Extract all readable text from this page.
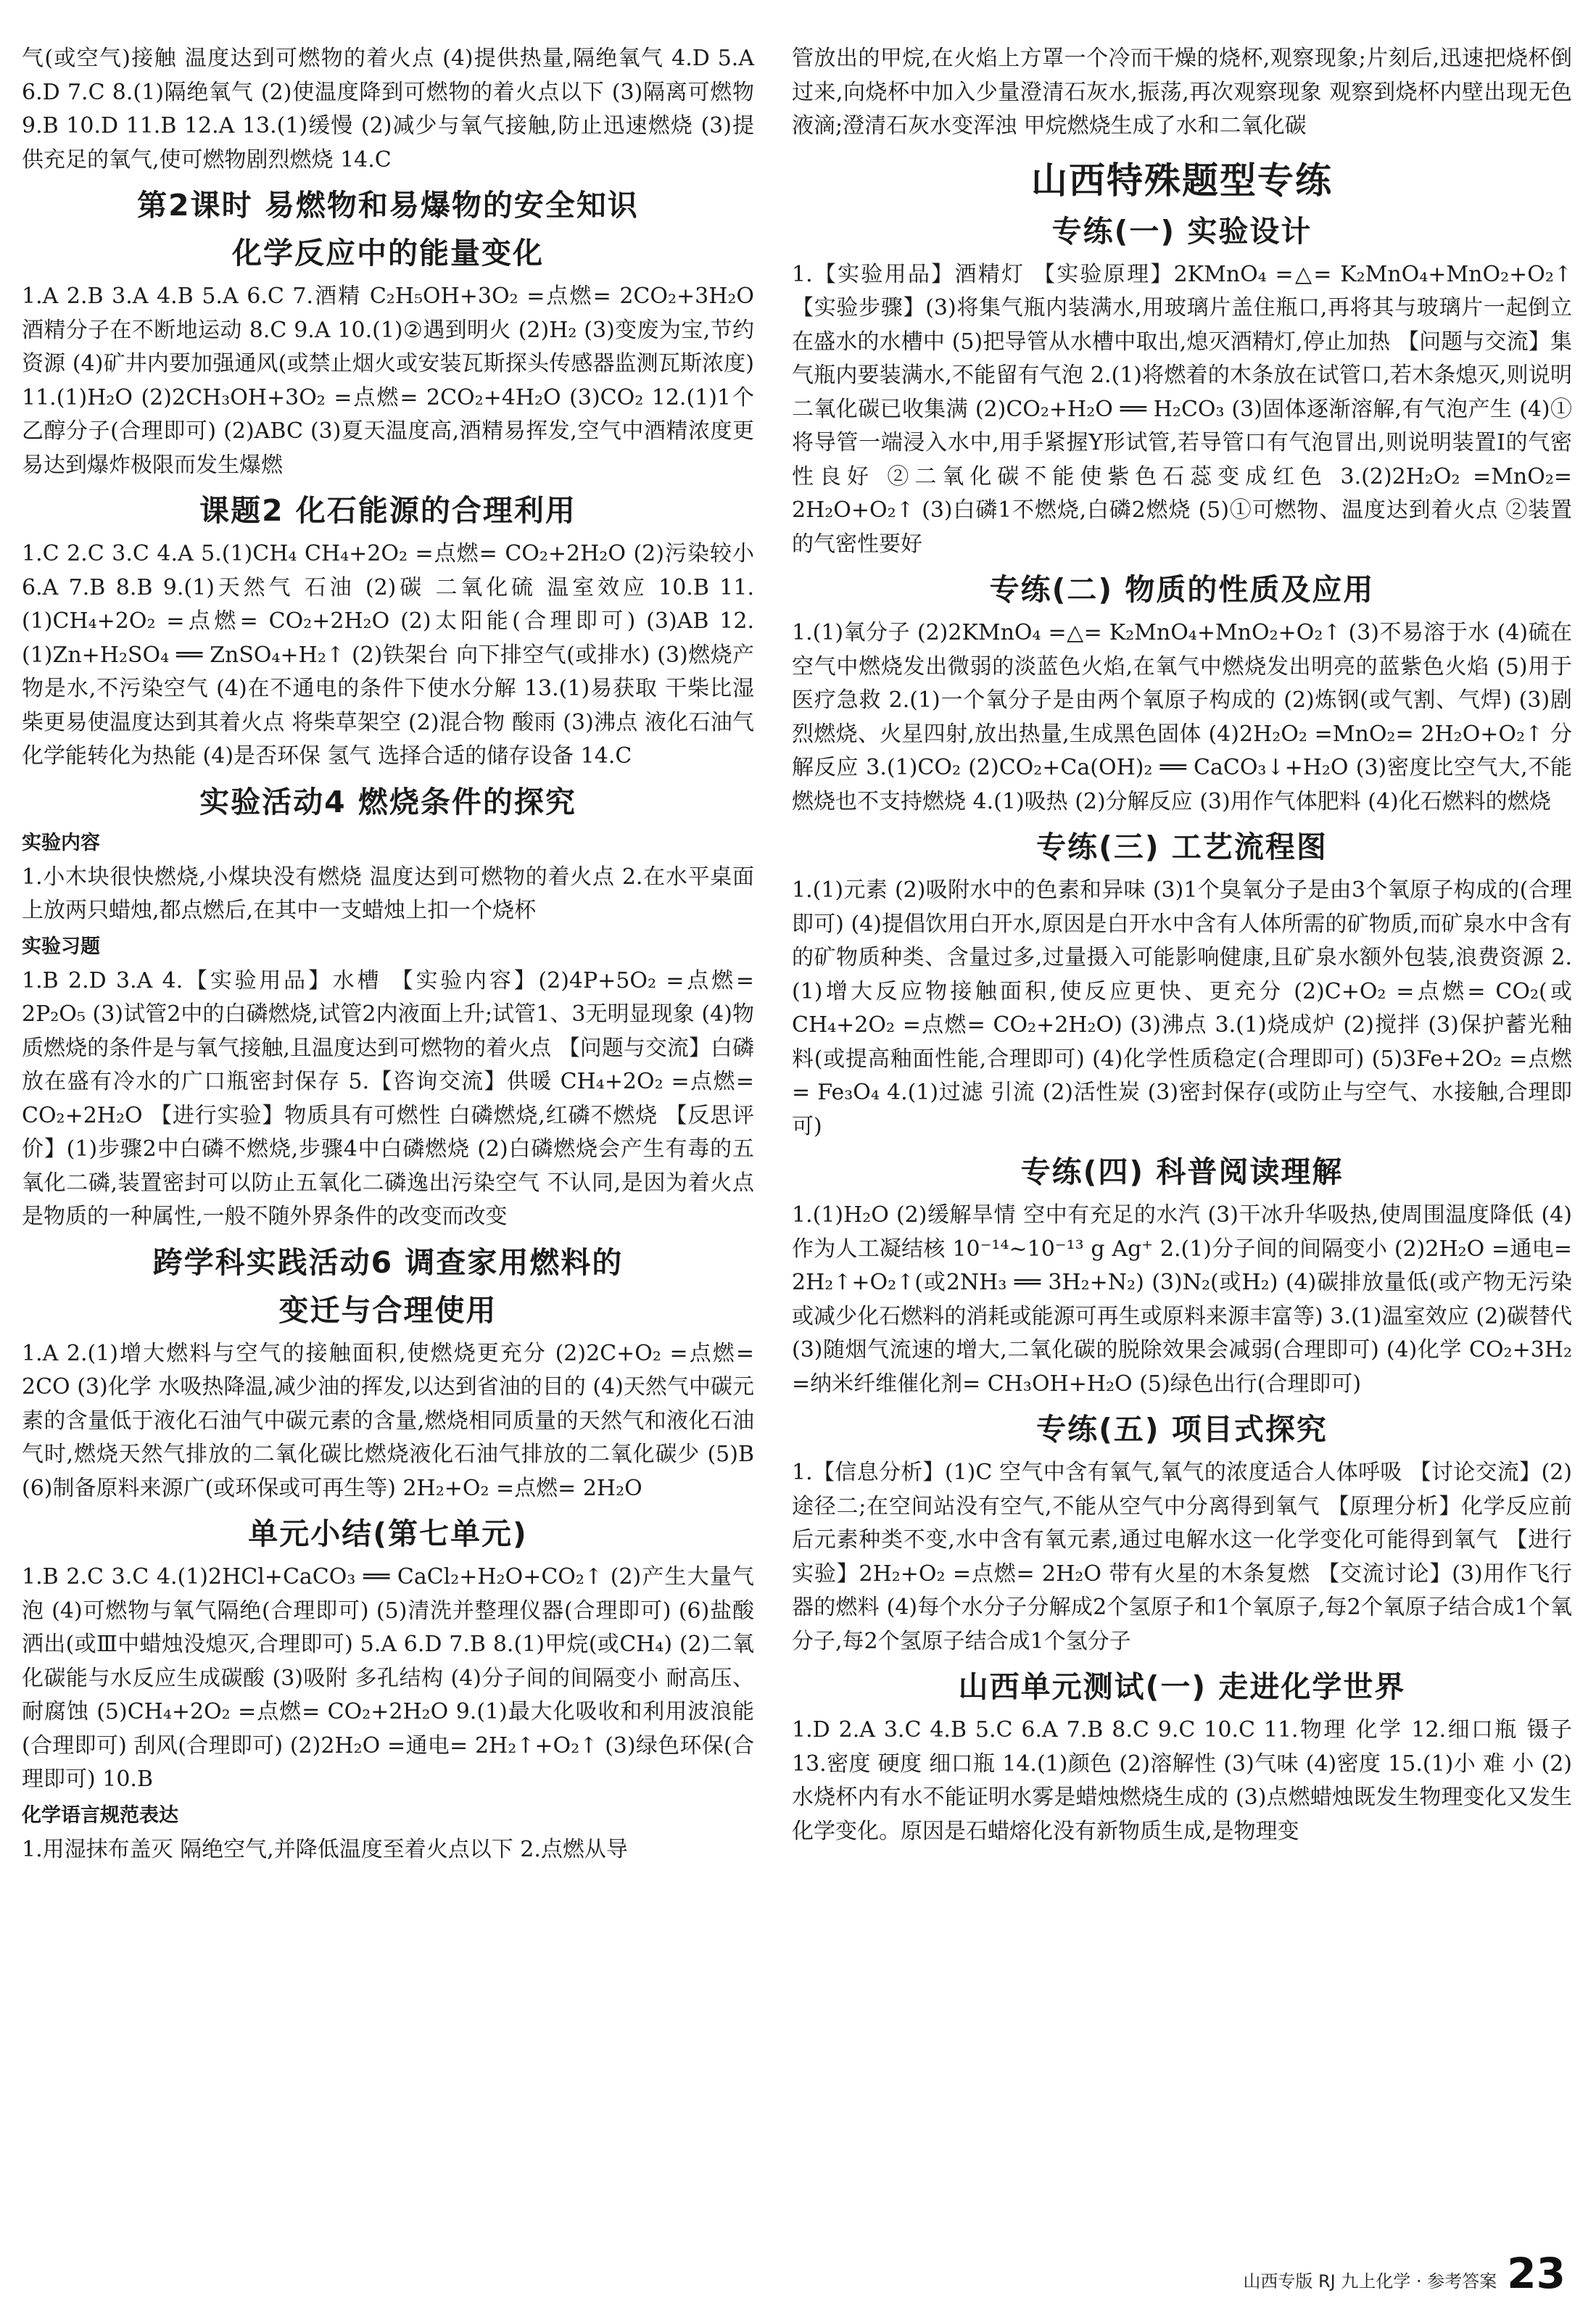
气(或空气)接触 温度达到可燃物的着火点 (4)提供热量,隔绝氧气 4.D 5.A 6.D 7.C 8.(1)隔绝氧气 (2)使温度降到可燃物的着火点以下 (3)隔离可燃物 9.B 10.D 11.B 12.A 13.(1)缓慢 (2)减少与氧气接触,防止迅速燃烧 (3)提供充足的氧气,使可燃物剧烈燃烧 14.C

第2课时 易燃物和易爆物的安全知识
化学反应中的能量变化

1.A 2.B 3.A 4.B 5.A 6.C 7.酒精 C₂H₅OH+3O₂ =点燃= 2CO₂+3H₂O 酒精分子在不断地运动 8.C 9.A 10.(1)②遇到明火 (2)H₂ (3)变废为宝,节约资源 (4)矿井内要加强通风(或禁止烟火或安装瓦斯探头传感器监测瓦斯浓度) 11.(1)H₂O (2)2CH₃OH+3O₂ =点燃= 2CO₂+4H₂O (3)CO₂ 12.(1)1个乙醇分子(合理即可) (2)ABC (3)夏天温度高,酒精易挥发,空气中酒精浓度更易达到爆炸极限而发生爆燃

课题2 化石能源的合理利用

1.C 2.C 3.C 4.A 5.(1)CH₄ CH₄+2O₂ =点燃= CO₂+2H₂O (2)污染较小 6.A 7.B 8.B 9.(1)天然气 石油 (2)碳 二氧化硫 温室效应 10.B 11.(1)CH₄+2O₂ =点燃= CO₂+2H₂O (2)太阳能(合理即可) (3)AB 12.(1)Zn+H₂SO₄ ══ ZnSO₄+H₂↑ (2)铁架台 向下排空气(或排水) (3)燃烧产物是水,不污染空气 (4)在不通电的条件下使水分解 13.(1)易获取 干柴比湿柴更易使温度达到其着火点 将柴草架空 (2)混合物 酸雨 (3)沸点 液化石油气 化学能转化为热能 (4)是否环保 氢气 选择合适的储存设备 14.C

实验活动4 燃烧条件的探究
实验内容

1.小木块很快燃烧,小煤块没有燃烧 温度达到可燃物的着火点 2.在水平桌面上放两只蜡烛,都点燃后,在其中一支蜡烛上扣一个烧杯

实验习题

1.B 2.D 3.A 4.【实验用品】水槽 【实验内容】(2)4P+5O₂ =点燃= 2P₂O₅ (3)试管2中的白磷燃烧,试管2内液面上升;试管1、3无明显现象 (4)物质燃烧的条件是与氧气接触,且温度达到可燃物的着火点 【问题与交流】白磷放在盛有冷水的广口瓶密封保存 5.【咨询交流】供暖 CH₄+2O₂ =点燃= CO₂+2H₂O 【进行实验】物质具有可燃性 白磷燃烧,红磷不燃烧 【反思评价】(1)步骤2中白磷不燃烧,步骤4中白磷燃烧 (2)白磷燃烧会产生有毒的五氧化二磷,装置密封可以防止五氧化二磷逸出污染空气 不认同,是因为着火点是物质的一种属性,一般不随外界条件的改变而改变

跨学科实践活动6 调查家用燃料的
变迁与合理使用

1.A 2.(1)增大燃料与空气的接触面积,使燃烧更充分 (2)2C+O₂ =点燃= 2CO (3)化学 水吸热降温,减少油的挥发,以达到省油的目的 (4)天然气中碳元素的含量低于液化石油气中碳元素的含量,燃烧相同质量的天然气和液化石油气时,燃烧天然气排放的二氧化碳比燃烧液化石油气排放的二氧化碳少 (5)B (6)制备原料来源广(或环保或可再生等) 2H₂+O₂ =点燃= 2H₂O

单元小结(第七单元)

1.B 2.C 3.C 4.(1)2HCl+CaCO₃ ══ CaCl₂+H₂O+CO₂↑ (2)产生大量气泡 (4)可燃物与氧气隔绝(合理即可) (5)清洗并整理仪器(合理即可) (6)盐酸洒出(或Ⅲ中蜡烛没熄灭,合理即可) 5.A 6.D 7.B 8.(1)甲烷(或CH₄) (2)二氧化碳能与水反应生成碳酸 (3)吸附 多孔结构 (4)分子间的间隔变小 耐高压、耐腐蚀 (5)CH₄+2O₂ =点燃= CO₂+2H₂O 9.(1)最大化吸收和利用波浪能(合理即可) 刮风(合理即可) (2)2H₂O =通电= 2H₂↑+O₂↑ (3)绿色环保(合理即可) 10.B

化学语言规范表达

1.用湿抹布盖灭 隔绝空气,并降低温度至着火点以下 2.点燃从导

管放出的甲烷,在火焰上方罩一个冷而干燥的烧杯,观察现象;片刻后,迅速把烧杯倒过来,向烧杯中加入少量澄清石灰水,振荡,再次观察现象 观察到烧杯内壁出现无色液滴;澄清石灰水变浑浊 甲烷燃烧生成了水和二氧化碳

山西特殊题型专练
专练(一) 实验设计

1.【实验用品】酒精灯 【实验原理】2KMnO₄ =△= K₂MnO₄+MnO₂+O₂↑ 【实验步骤】(3)将集气瓶内装满水,用玻璃片盖住瓶口,再将其与玻璃片一起倒立在盛水的水槽中 (5)把导管从水槽中取出,熄灭酒精灯,停止加热 【问题与交流】集气瓶内要装满水,不能留有气泡 2.(1)将燃着的木条放在试管口,若木条熄灭,则说明二氧化碳已收集满 (2)CO₂+H₂O ══ H₂CO₃ (3)固体逐渐溶解,有气泡产生 (4)①将导管一端浸入水中,用手紧握Y形试管,若导管口有气泡冒出,则说明装置Ⅰ的气密性良好 ②二氧化碳不能使紫色石蕊变成红色 3.(2)2H₂O₂ =MnO₂= 2H₂O+O₂↑ (3)白磷1不燃烧,白磷2燃烧 (5)①可燃物、温度达到着火点 ②装置的气密性要好

专练(二) 物质的性质及应用

1.(1)氧分子 (2)2KMnO₄ =△= K₂MnO₄+MnO₂+O₂↑ (3)不易溶于水 (4)硫在空气中燃烧发出微弱的淡蓝色火焰,在氧气中燃烧发出明亮的蓝紫色火焰 (5)用于医疗急救 2.(1)一个氧分子是由两个氧原子构成的 (2)炼钢(或气割、气焊) (3)剧烈燃烧、火星四射,放出热量,生成黑色固体 (4)2H₂O₂ =MnO₂= 2H₂O+O₂↑ 分解反应 3.(1)CO₂ (2)CO₂+Ca(OH)₂ ══ CaCO₃↓+H₂O (3)密度比空气大,不能燃烧也不支持燃烧 4.(1)吸热 (2)分解反应 (3)用作气体肥料 (4)化石燃料的燃烧

专练(三) 工艺流程图

1.(1)元素 (2)吸附水中的色素和异味 (3)1个臭氧分子是由3个氧原子构成的(合理即可) (4)提倡饮用白开水,原因是白开水中含有人体所需的矿物质,而矿泉水中含有的矿物质种类、含量过多,过量摄入可能影响健康,且矿泉水额外包装,浪费资源 2.(1)增大反应物接触面积,使反应更快、更充分 (2)C+O₂ =点燃= CO₂(或CH₄+2O₂ =点燃= CO₂+2H₂O) (3)沸点 3.(1)烧成炉 (2)搅拌 (3)保护蓄光釉料(或提高釉面性能,合理即可) (4)化学性质稳定(合理即可) (5)3Fe+2O₂ =点燃= Fe₃O₄ 4.(1)过滤 引流 (2)活性炭 (3)密封保存(或防止与空气、水接触,合理即可)

专练(四) 科普阅读理解

1.(1)H₂O (2)缓解旱情 空中有充足的水汽 (3)干冰升华吸热,使周围温度降低 (4)作为人工凝结核 10⁻¹⁴~10⁻¹³ g Ag⁺ 2.(1)分子间的间隔变小 (2)2H₂O =通电= 2H₂↑+O₂↑(或2NH₃ ══ 3H₂+N₂) (3)N₂(或H₂) (4)碳排放量低(或产物无污染或减少化石燃料的消耗或能源可再生或原料来源丰富等) 3.(1)温室效应 (2)碳替代 (3)随烟气流速的增大,二氧化碳的脱除效果会减弱(合理即可) (4)化学 CO₂+3H₂ =纳米纤维催化剂= CH₃OH+H₂O (5)绿色出行(合理即可)

专练(五) 项目式探究

1.【信息分析】(1)C 空气中含有氧气,氧气的浓度适合人体呼吸 【讨论交流】(2)途径二;在空间站没有空气,不能从空气中分离得到氧气 【原理分析】化学反应前后元素种类不变,水中含有氧元素,通过电解水这一化学变化可能得到氧气 【进行实验】2H₂+O₂ =点燃= 2H₂O 带有火星的木条复燃 【交流讨论】(3)用作飞行器的燃料 (4)每个水分子分解成2个氢原子和1个氧原子,每2个氧原子结合成1个氧分子,每2个氢原子结合成1个氢分子

山西单元测试(一) 走进化学世界

1.D 2.A 3.C 4.B 5.C 6.A 7.B 8.C 9.C 10.C 11.物理 化学 12.细口瓶 镊子 13.密度 硬度 细口瓶 14.(1)颜色 (2)溶解性 (3)气味 (4)密度 15.(1)小 难 小 (2)水烧杯内有水不能证明水雾是蜡烛燃烧生成的 (3)点燃蜡烛既发生物理变化又发生化学变化。原因是石蜡熔化没有新物质生成,是物理变

山西专版 RJ 九上化学 · 参考答案 23
